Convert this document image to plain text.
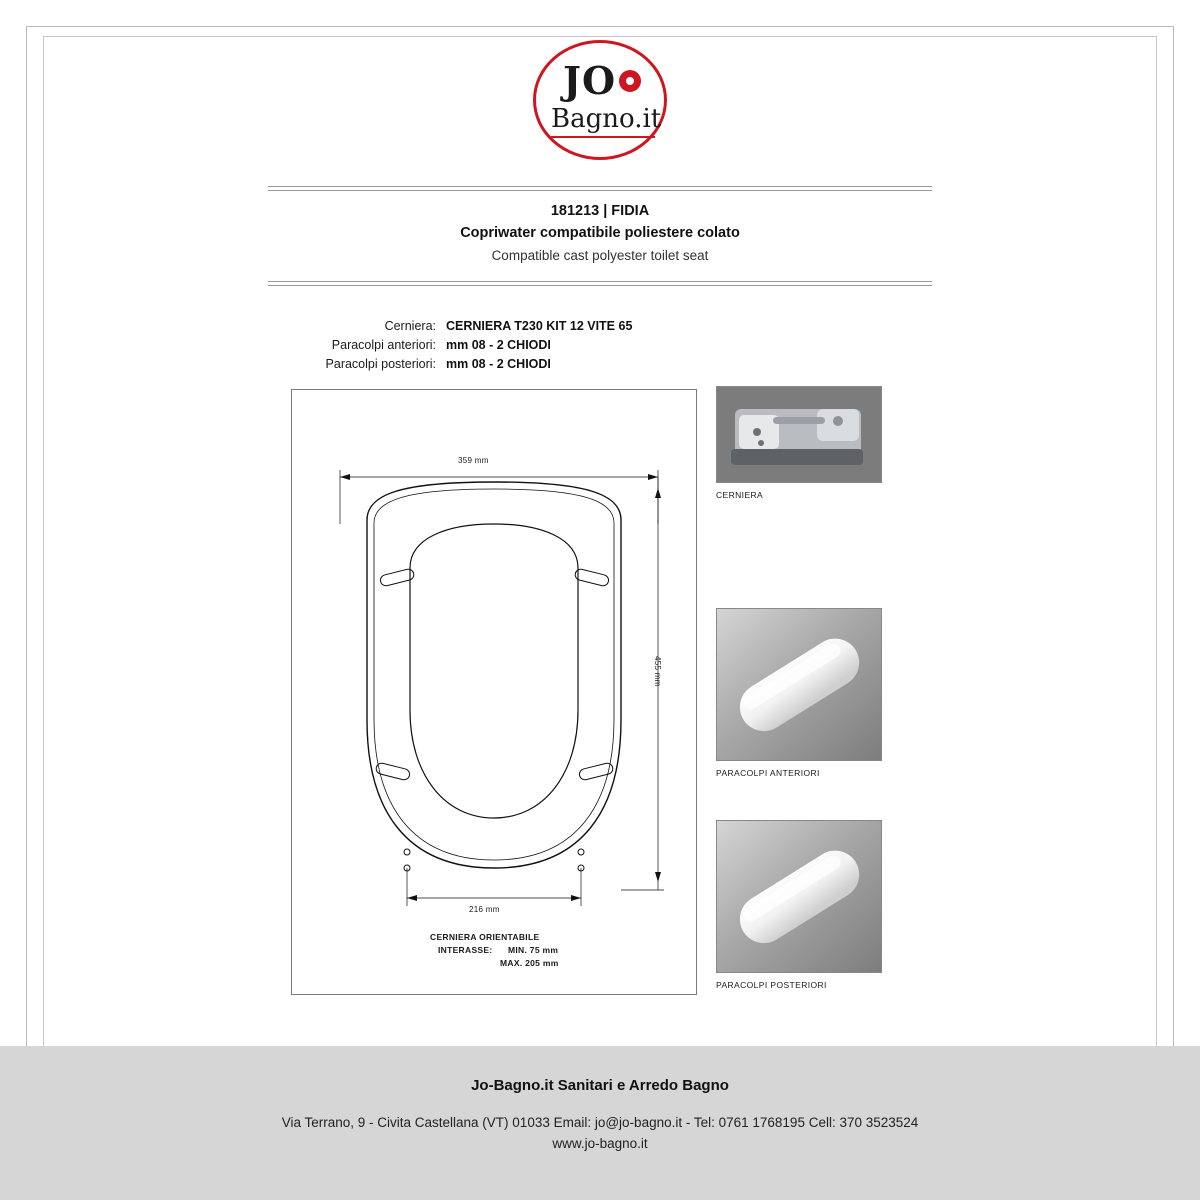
JO
Bagno.it
181213 | FIDIA
Copriwater compatibile poliestere colato
Compatible cast polyester toilet seat
Cerniera: CERNIERA T230 KIT 12 VITE 65
Paracolpi anteriori: mm 08 - 2 CHIODI
Paracolpi posteriori: mm 08 - 2 CHIODI
359 mm
455 mm
216 mm
CERNIERA ORIENTABILE
INTERASSE: MIN. 75 mm
MAX. 205 mm
CERNIERA
PARACOLPI ANTERIORI
PARACOLPI POSTERIORI
Jo-Bagno.it Sanitari e Arredo Bagno
Via Terrano, 9 - Civita Castellana (VT) 01033 Email: jo@jo-bagno.it - Tel: 0761 1768195 Cell: 370 3523524
www.jo-bagno.it
